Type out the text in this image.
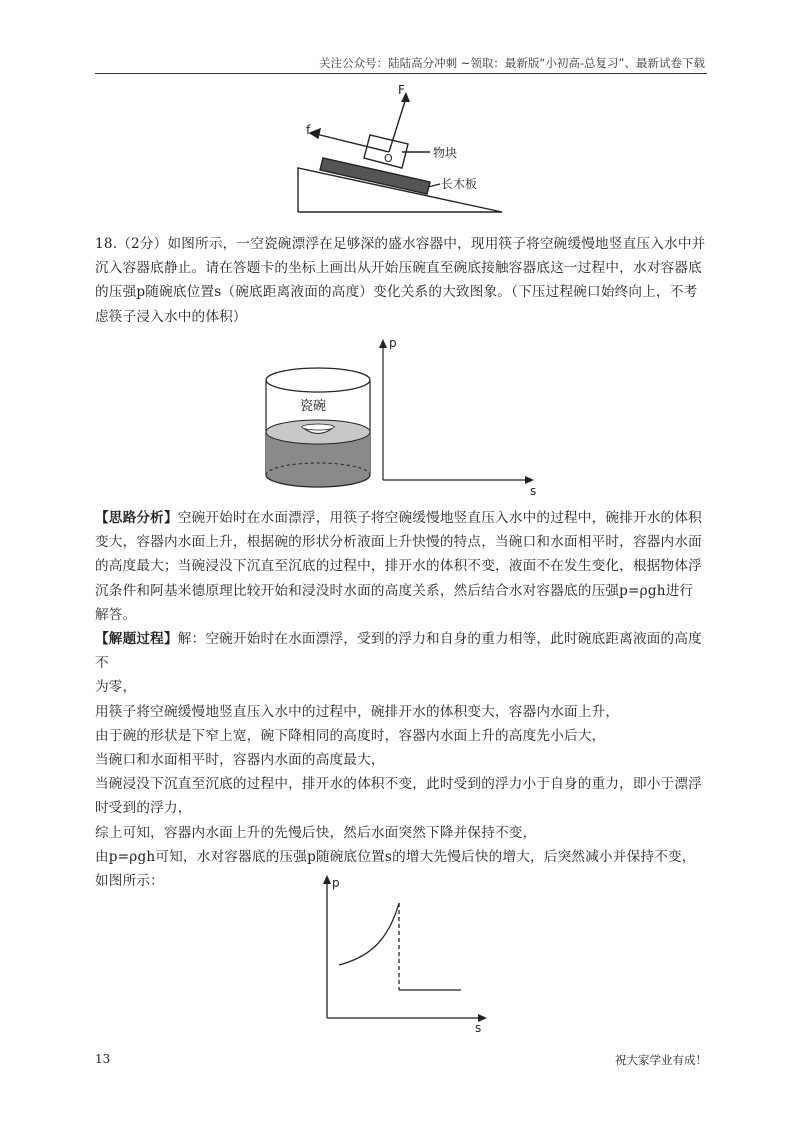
关注公众号：陆陆高分冲刺 ~领取：最新版“小初高-总复习”、最新试卷下载
F
f
O	物块
长木板

18.（2分）如图所示，一空瓷碗漂浮在足够深的盛水容器中，现用筷子将空碗缓慢地竖直压入水中并

沉入容器底静止。请在答题卡的坐标上画出从开始压碗直至碗底接触容器底这一过程中，水对容器底

的压强p随碗底位置s（碗底距离液面的高度）变化关系的大致图象。（下压过程碗口始终向上，不考

虑筷子浸入水中的体积）

瓷碗
p
s

【思路分析】空碗开始时在水面漂浮，用筷子将空碗缓慢地竖直压入水中的过程中，碗排开水的体积

变大，容器内水面上升，根据碗的形状分析液面上升快慢的特点，当碗口和水面相平时，容器内水面

的高度最大；当碗浸没下沉直至沉底的过程中，排开水的体积不变，液面不在发生变化，根据物体浮

沉条件和阿基米德原理比较开始和浸没时水面的高度关系，然后结合水对容器底的压强p=ρgh进行

解答。

【解题过程】解：空碗开始时在水面漂浮，受到的浮力和自身的重力相等，此时碗底距离液面的高度不

为零，

用筷子将空碗缓慢地竖直压入水中的过程中，碗排开水的体积变大，容器内水面上升，

由于碗的形状是下窄上宽，碗下降相同的高度时，容器内水面上升的高度先小后大，

当碗口和水面相平时，容器内水面的高度最大，

当碗浸没下沉直至沉底的过程中，排开水的体积不变，此时受到的浮力小于自身的重力，即小于漂浮

时受到的浮力，

综上可知，容器内水面上升的先慢后快，然后水面突然下降并保持不变，

由p=ρgh可知，水对容器底的压强p随碗底位置s的增大先慢后快的增大，后突然减小并保持不变，

如图所示：	p
s
13	祝大家学业有成！
